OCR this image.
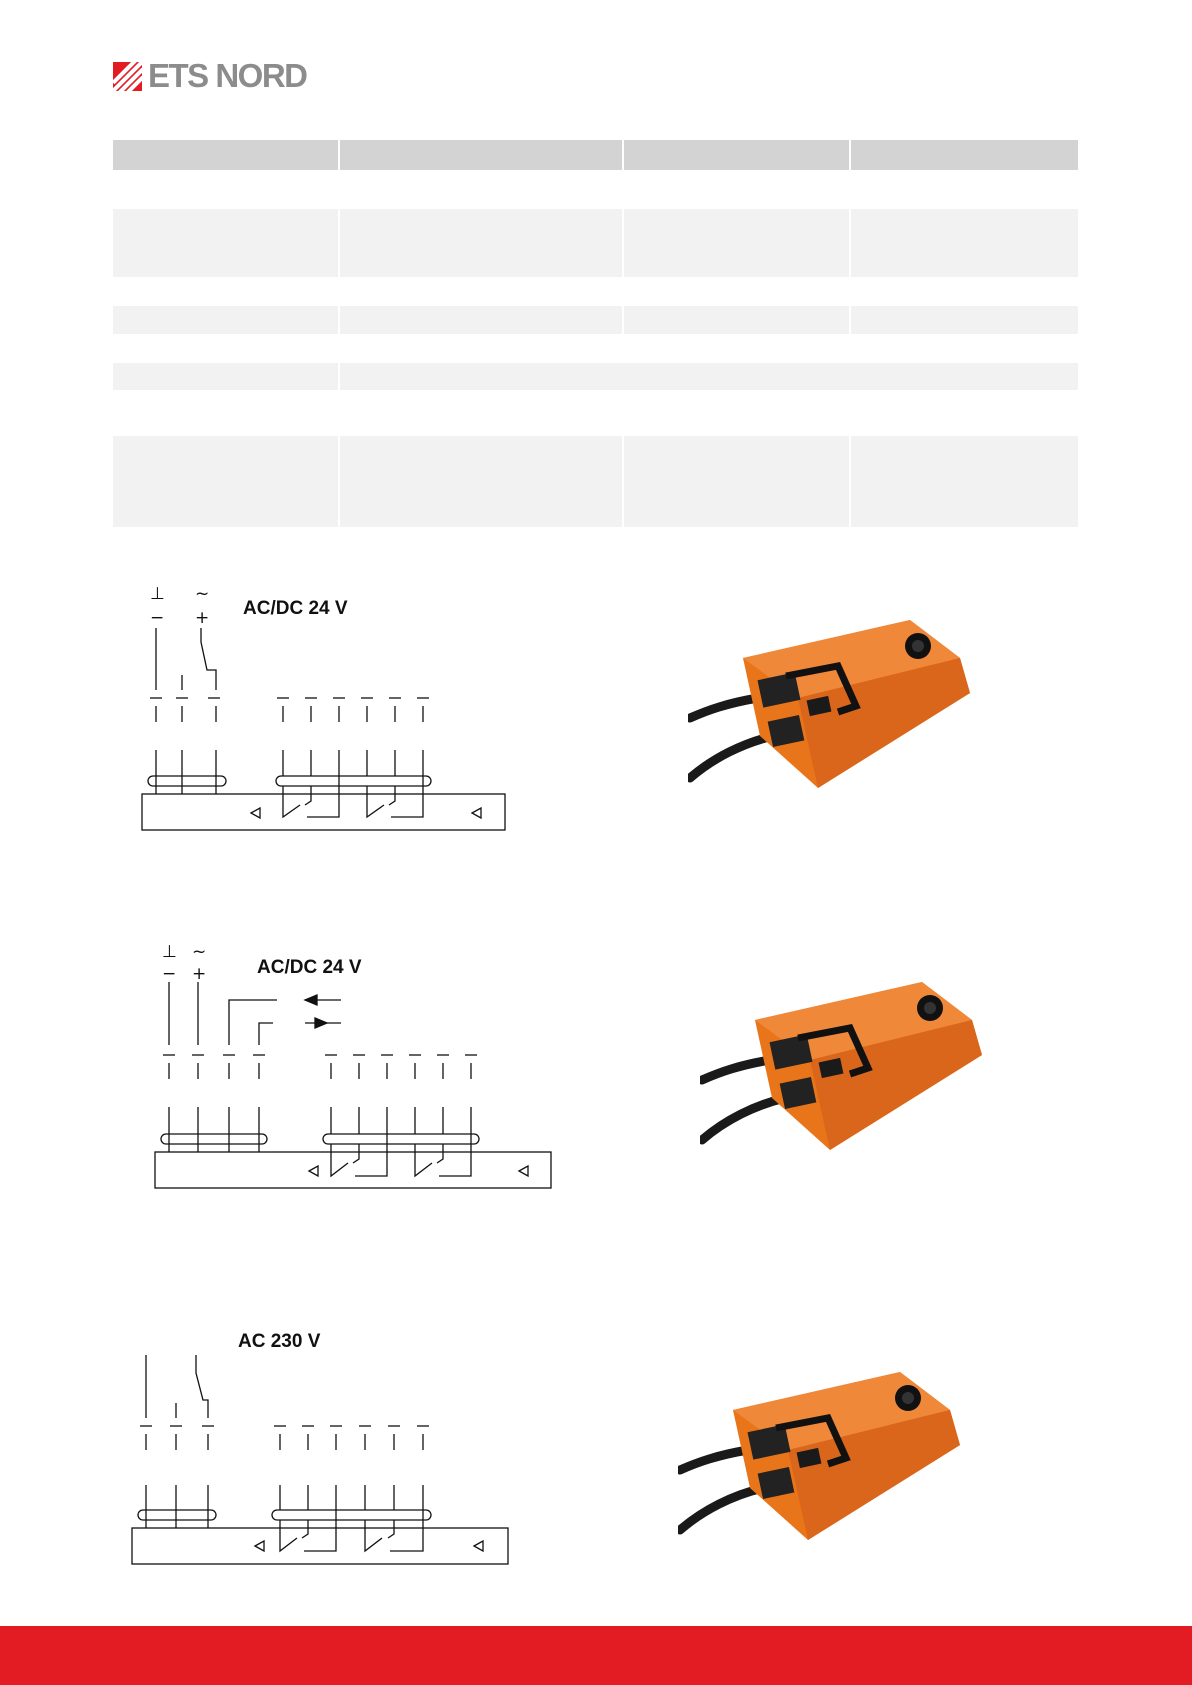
ETS NORD
⊥ ~
− + AC/DC 24 V
⊥ ~
− +	AC/DC 24 V
AC 230 V
